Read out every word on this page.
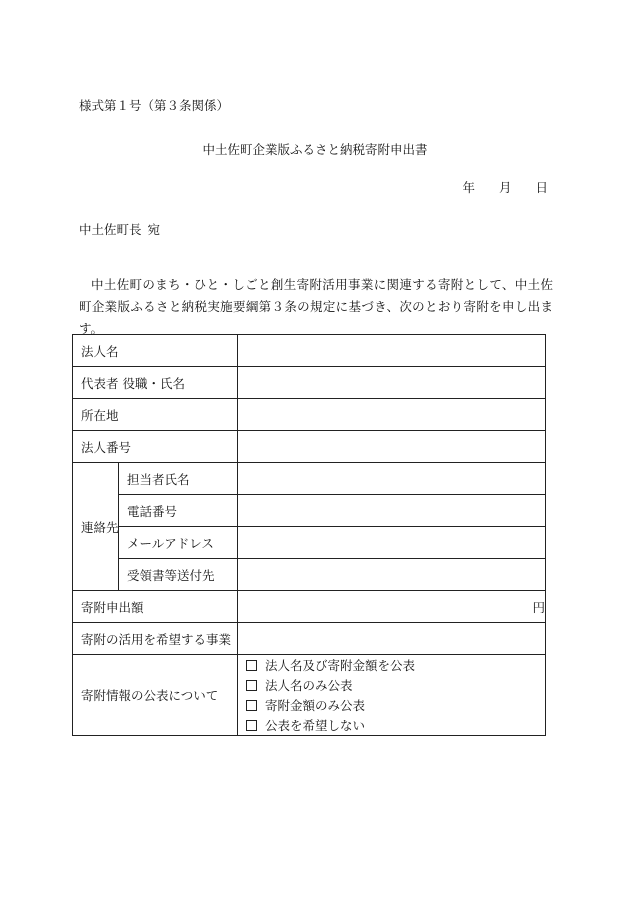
様式第１号（第３条関係）
中土佐町企業版ふるさと納税寄附申出書
年 月 日
中土佐町長 宛
中土佐町のまち・ひと・しごと創生寄附活用事業に関連する寄附として、中土佐町企業版ふるさと納税実施要綱第３条の規定に基づき、次のとおり寄附を申し出ます。
法人名		
代表者 役職・氏名		
所在地		
法人番号		
連絡先	担当者氏名	
	電話番号	
	メールアドレス	
	受領書等送付先	
寄附申出額		円
寄附の活用を希望する事業		
寄附情報の公表について		法人名及び寄附金額を公表
法人名のみ公表
寄附金額のみ公表
公表を希望しない
